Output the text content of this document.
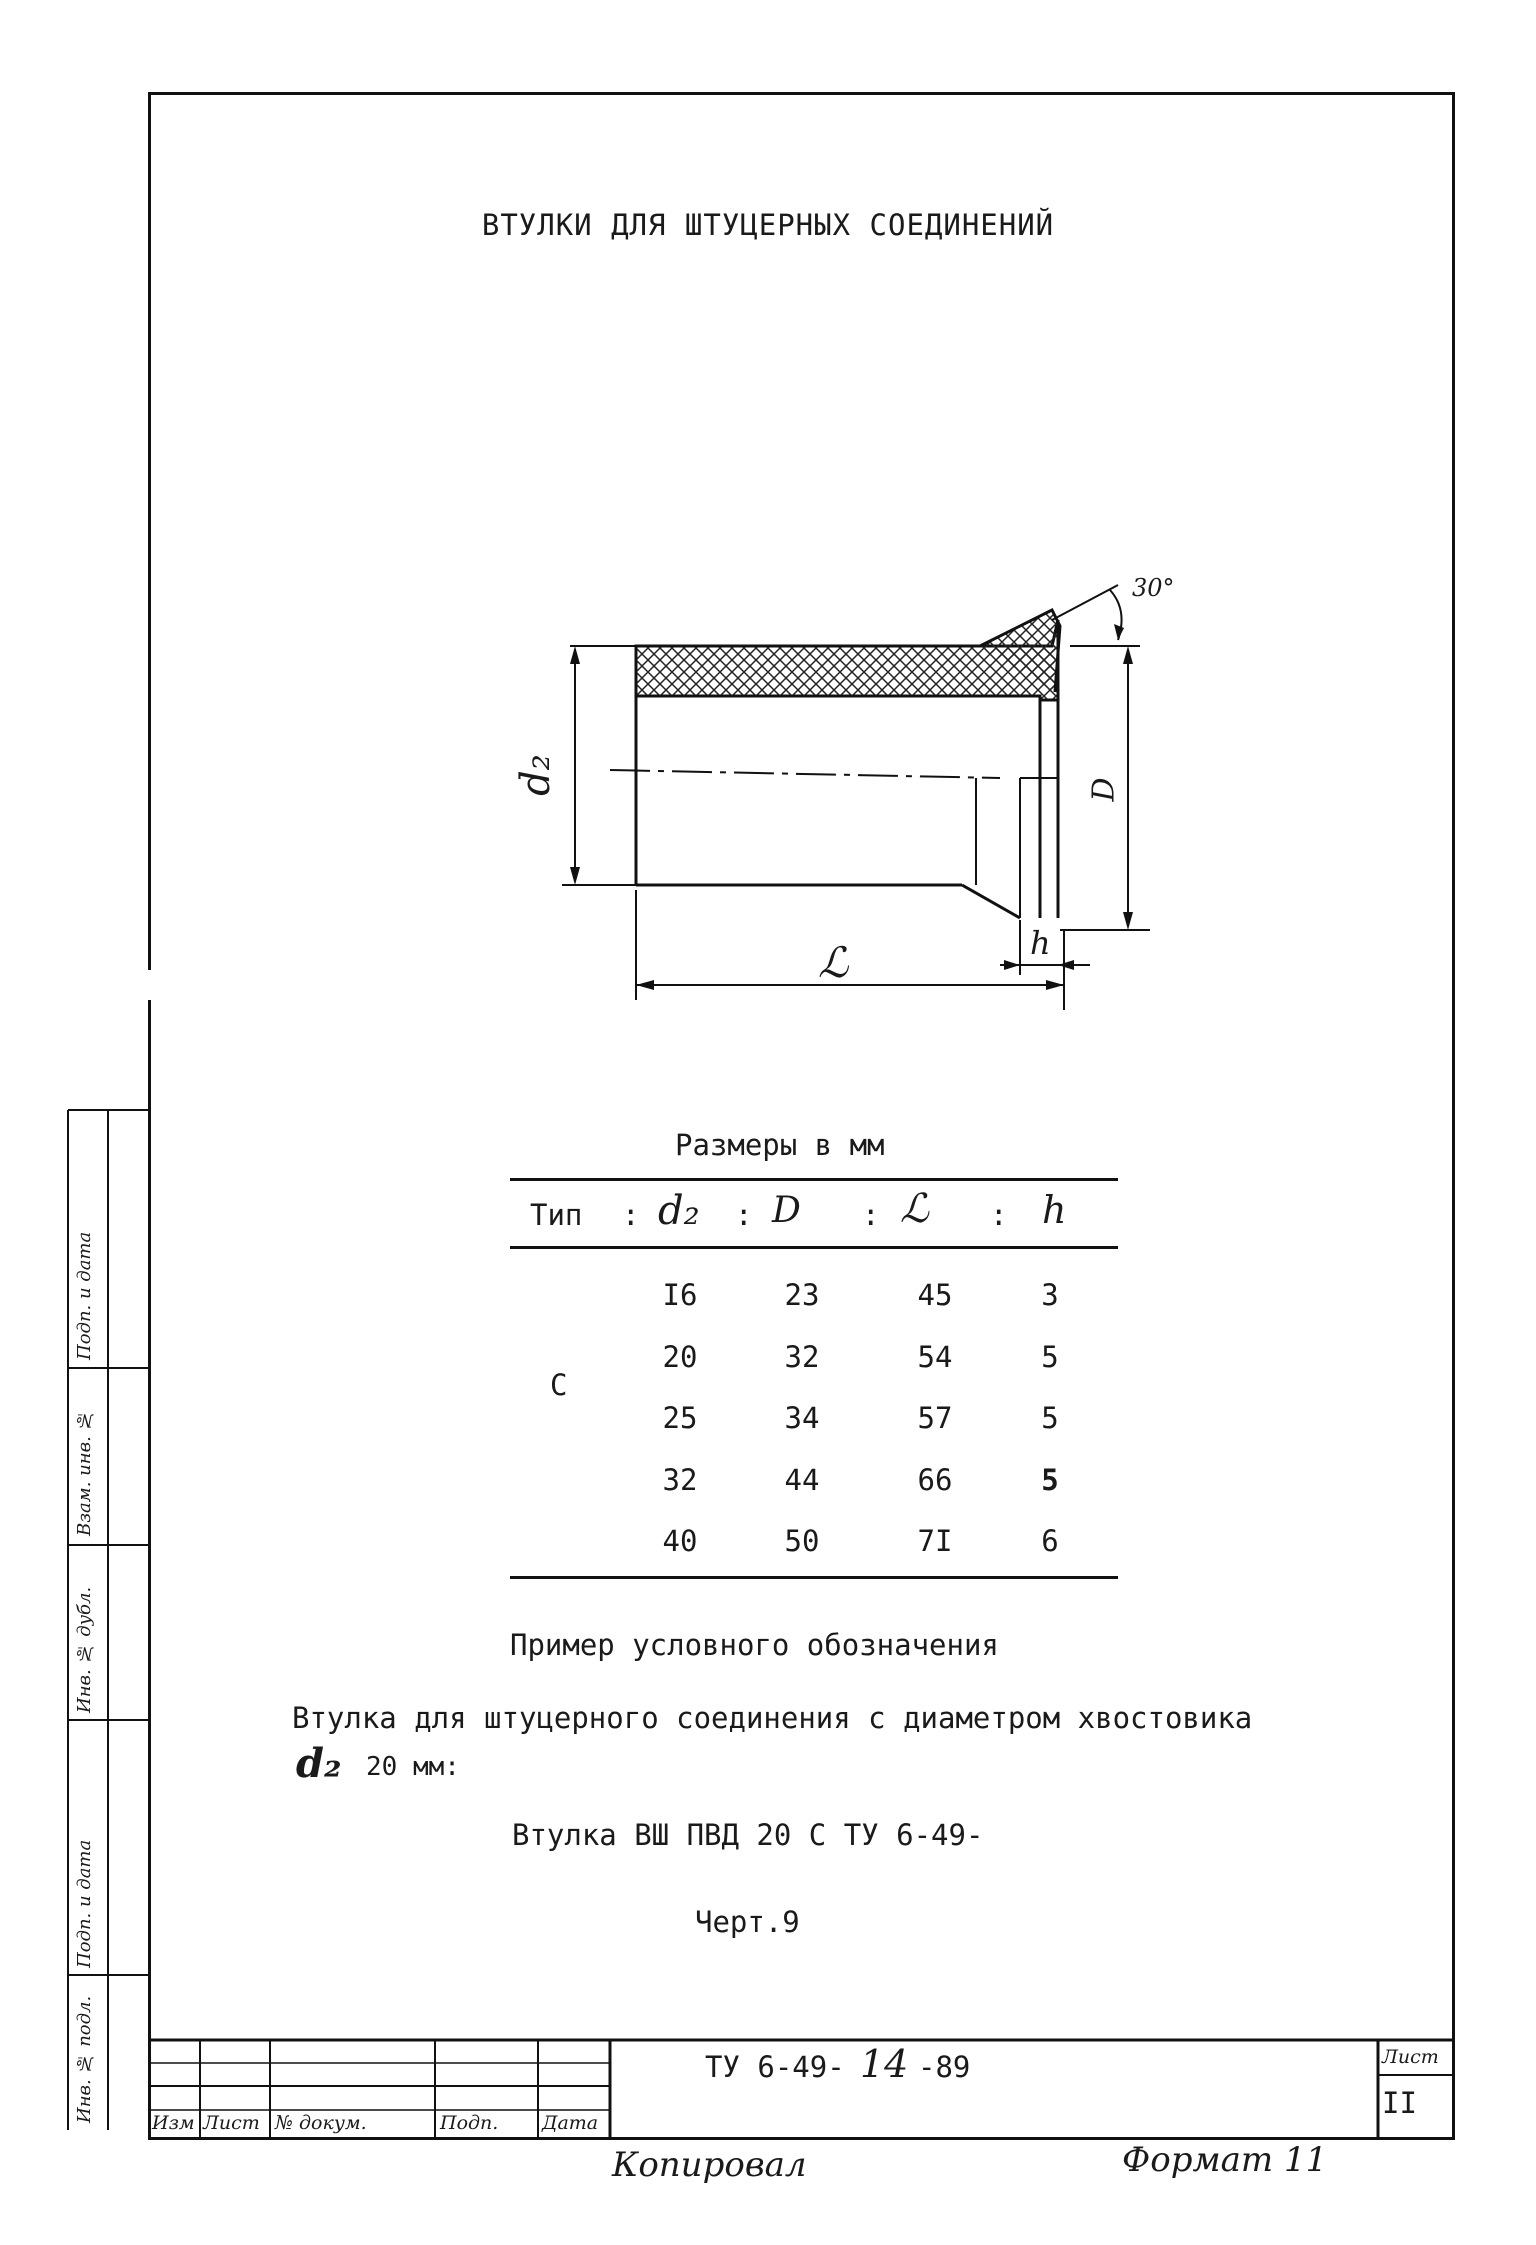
ВТУЛКИ ДЛЯ ШТУЦЕРНЫХ СОЕДИНЕНИЙ
30°
d₂	D
ℒ	h
Размеры в мм
Тип : d₂ : D : ℒ : h
С
I6	23	45	3
20	32	54	5
25	34	57	5
32	44	66	5
40	50	7I	6
Пример условного обозначения
Втулка для штуцерного соединения с диаметром хвостовика
d₂ 20 мм:
Втулка ВШ ПВД 20 С ТУ 6-49-
Черт.9
ТУ 6-49- 14 -89	Лист
II
Изм Лист № докум.	Подп. Дата
Подп. и дата
Взам. инв. №
Инв. № дубл.
Подп. и дата
Инв. № подл.
Копировал	Формат 11
